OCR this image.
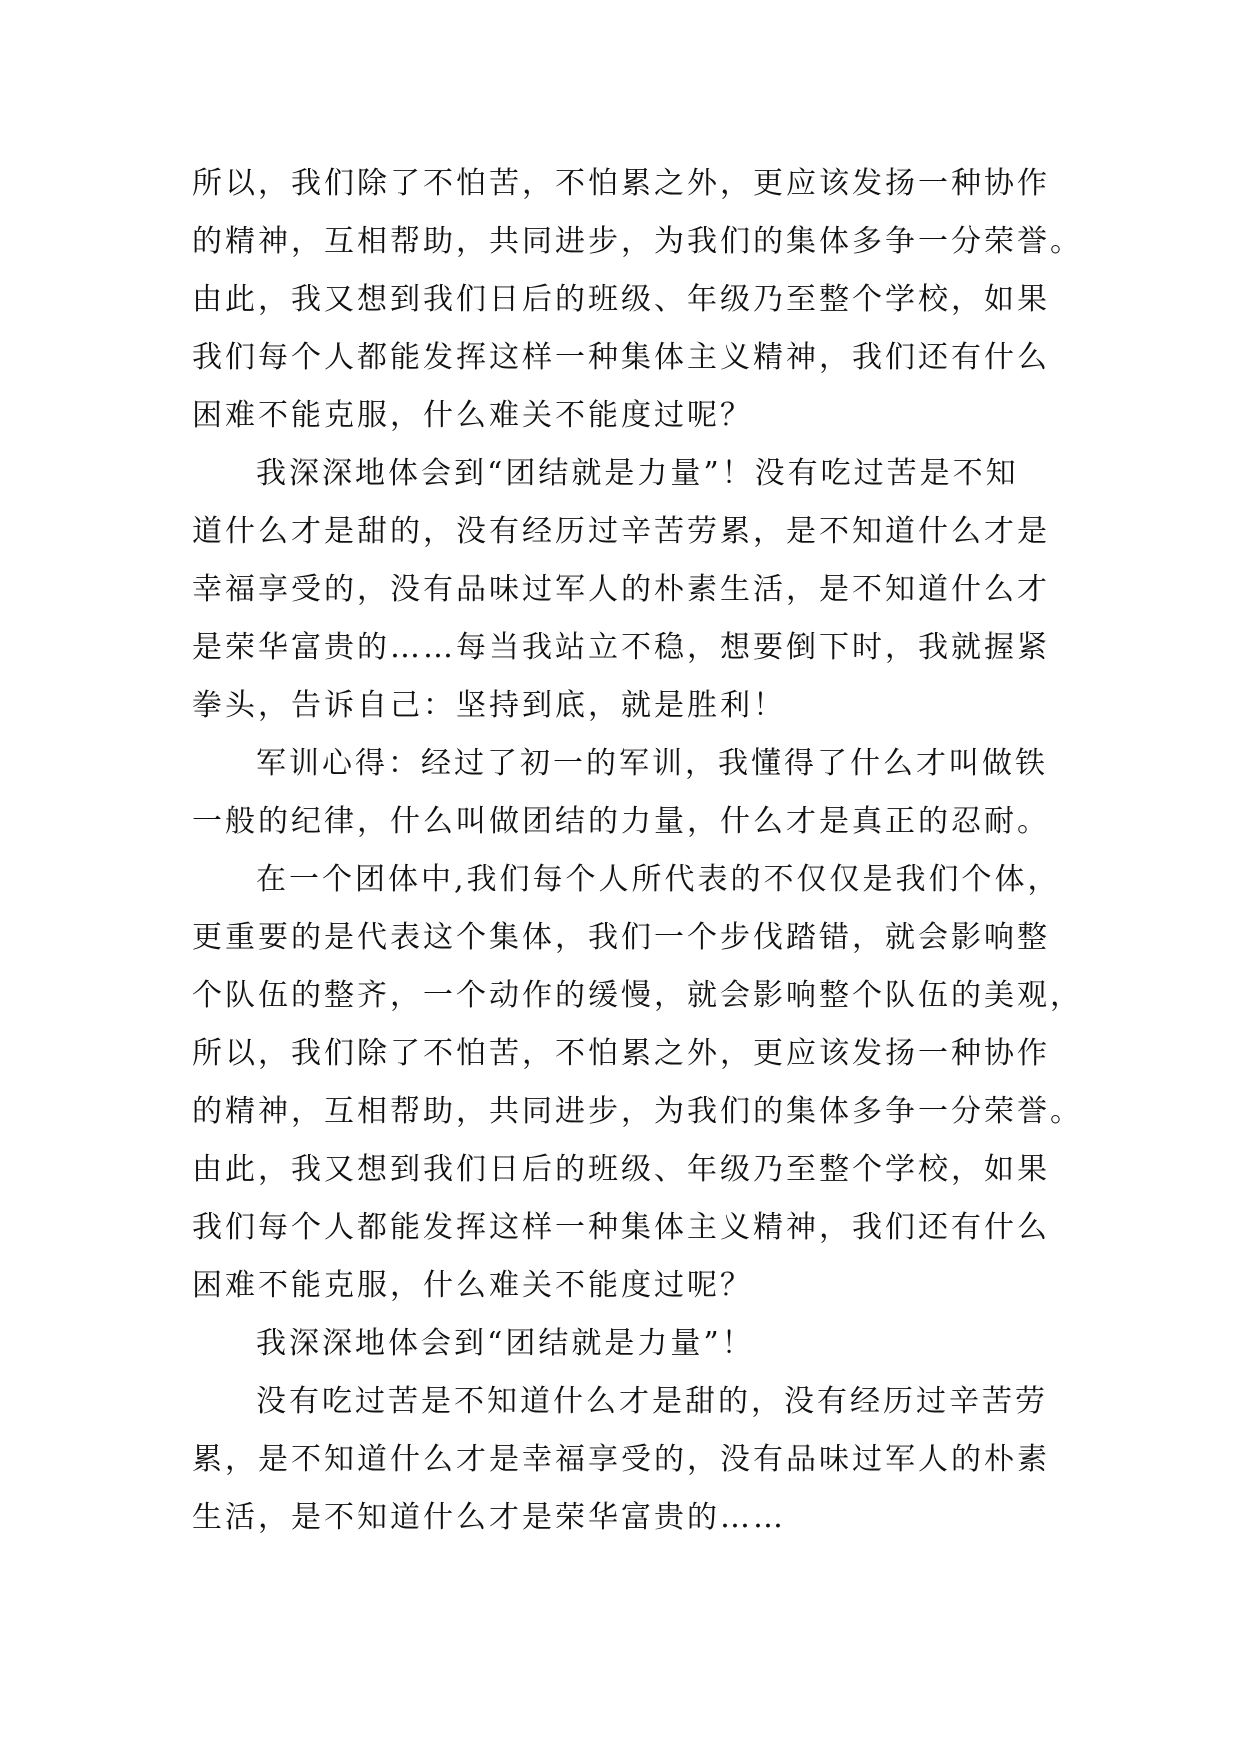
所以，我们除了不怕苦，不怕累之外，更应该发扬一种协作
的精神，互相帮助，共同进步，为我们的集体多争一分荣誉。
由此，我又想到我们日后的班级、年级乃至整个学校，如果
我们每个人都能发挥这样一种集体主义精神，我们还有什么
困难不能克服，什么难关不能度过呢？
我深深地体会到“团结就是力量”！没有吃过苦是不知
道什么才是甜的，没有经历过辛苦劳累，是不知道什么才是
幸福享受的，没有品味过军人的朴素生活，是不知道什么才
是荣华富贵的……每当我站立不稳，想要倒下时，我就握紧
拳头，告诉自己：坚持到底，就是胜利！
军训心得：经过了初一的军训，我懂得了什么才叫做铁
一般的纪律，什么叫做团结的力量，什么才是真正的忍耐。
在一个团体中,我们每个人所代表的不仅仅是我们个体，
更重要的是代表这个集体，我们一个步伐踏错，就会影响整
个队伍的整齐，一个动作的缓慢，就会影响整个队伍的美观，
所以，我们除了不怕苦，不怕累之外，更应该发扬一种协作
的精神，互相帮助，共同进步，为我们的集体多争一分荣誉。
由此，我又想到我们日后的班级、年级乃至整个学校，如果
我们每个人都能发挥这样一种集体主义精神，我们还有什么
困难不能克服，什么难关不能度过呢？
我深深地体会到“团结就是力量”！
没有吃过苦是不知道什么才是甜的，没有经历过辛苦劳
累，是不知道什么才是幸福享受的，没有品味过军人的朴素
生活，是不知道什么才是荣华富贵的……
